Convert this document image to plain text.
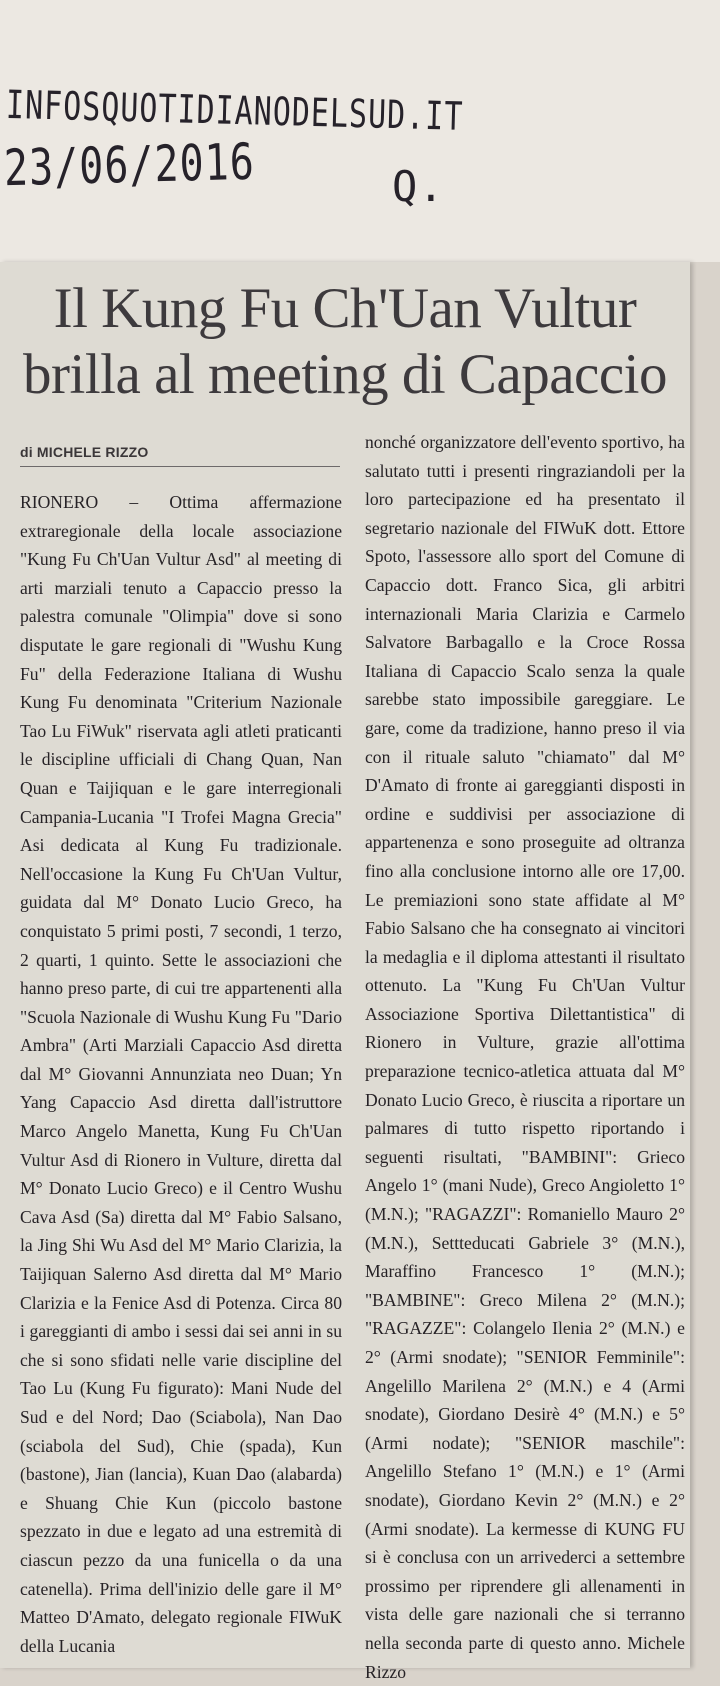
INFOSQUOTIDIANODELSUD.IT
23/06/2016	Q.
Il Kung Fu Ch'Uan Vultur
brilla al meeting di Capaccio

di MICHELE RIZZO

RIONERO – Ottima affermazione extraregionale della locale associazione "Kung Fu Ch'Uan Vultur Asd" al meeting di arti marziali tenuto a Capaccio presso la palestra comunale "Olimpia" dove si sono disputate le gare regionali di "Wushu Kung Fu" della Federazione Italiana di Wushu Kung Fu denominata "Criterium Nazionale Tao Lu FiWuk" riservata agli atleti praticanti le discipline ufficiali di Chang Quan, Nan Quan e Taijiquan e le gare interregionali Campania-Lucania "I Trofei Magna Grecia" Asi dedicata al Kung Fu tradizionale. Nell'occasione la Kung Fu Ch'Uan Vultur, guidata dal M° Donato Lucio Greco, ha conquistato 5 primi posti, 7 secondi, 1 terzo, 2 quarti, 1 quinto. Sette le associazioni che hanno preso parte, di cui tre appartenenti alla "Scuola Nazionale di Wushu Kung Fu "Dario Ambra" (Arti Marziali Capaccio Asd diretta dal M° Giovanni Annunziata neo Duan; Yn Yang Capaccio Asd diretta dall'istruttore Marco Angelo Manetta, Kung Fu Ch'Uan Vultur Asd di Rionero in Vulture, diretta dal M° Donato Lucio Greco) e il Centro Wushu Cava Asd (Sa) diretta dal M° Fabio Salsano, la Jing Shi Wu Asd del M° Mario Clarizia, la Taijiquan Salerno Asd diretta dal M° Mario Clarizia e la Fenice Asd di Potenza. Circa 80 i gareggianti di ambo i sessi dai sei anni in su che si sono sfidati nelle varie discipline del Tao Lu (Kung Fu figurato): Mani Nude del Sud e del Nord; Dao (Sciabola), Nan Dao (sciabola del Sud), Chie (spada), Kun (bastone), Jian (lancia), Kuan Dao (alabarda) e Shuang Chie Kun (piccolo bastone spezzato in due e legato ad una estremità di ciascun pezzo da una funicella o da una catenella). Prima dell'inizio delle gare il M° Matteo D'Amato, delegato regionale FIWuK della Lucania

nonché organizzatore dell'evento sportivo, ha salutato tutti i presenti ringraziandoli per la loro partecipazione ed ha presentato il segretario nazionale del FIWuK dott. Ettore Spoto, l'assessore allo sport del Comune di Capaccio dott. Franco Sica, gli arbitri internazionali Maria Clarizia e Carmelo Salvatore Barbagallo e la Croce Rossa Italiana di Capaccio Scalo senza la quale sarebbe stato impossibile gareggiare. Le gare, come da tradizione, hanno preso il via con il rituale saluto "chiamato" dal M° D'Amato di fronte ai gareggianti disposti in ordine e suddivisi per associazione di appartenenza e sono proseguite ad oltranza fino alla conclusione intorno alle ore 17,00. Le premiazioni sono state affidate al M° Fabio Salsano che ha consegnato ai vincitori la medaglia e il diploma attestanti il risultato ottenuto. La "Kung Fu Ch'Uan Vultur Associazione Sportiva Dilettantistica" di Rionero in Vulture, grazie all'ottima preparazione tecnico-atletica attuata dal M° Donato Lucio Greco, è riuscita a riportare un palmares di tutto rispetto riportando i seguenti risultati, "BAMBINI": Grieco Angelo 1° (mani Nude), Greco Angioletto 1° (M.N.); "RAGAZZI": Romaniello Mauro 2° (M.N.), Settteducati Gabriele 3° (M.N.), Maraffino Francesco 1° (M.N.); "BAMBINE": Greco Milena 2° (M.N.); "RAGAZZE": Colangelo Ilenia 2° (M.N.) e 2° (Armi snodate); "SENIOR Femminile": Angelillo Marilena 2° (M.N.) e 4 (Armi snodate), Giordano Desirè 4° (M.N.) e 5° (Armi nodate); "SENIOR maschile": Angelillo Stefano 1° (M.N.) e 1° (Armi snodate), Giordano Kevin 2° (M.N.) e 2° (Armi snodate). La kermesse di KUNG FU si è conclusa con un arrivederci a settembre prossimo per riprendere gli allenamenti in vista delle gare nazionali che si terranno nella seconda parte di questo anno. Michele Rizzo
